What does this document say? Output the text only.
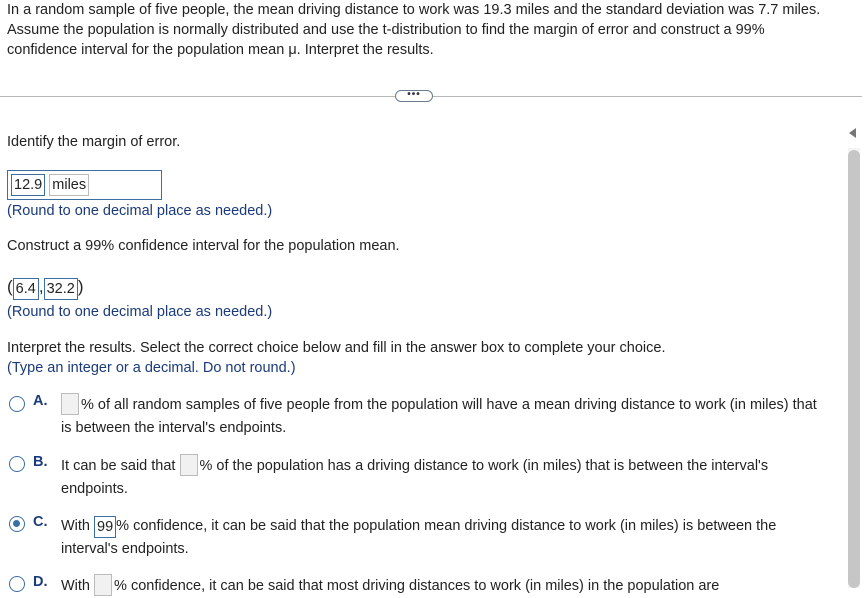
In a random sample of five people, the mean driving distance to work was 19.3 miles and the standard deviation was 7.7 miles. Assume the population is normally distributed and use the t-distribution to find the margin of error and construct a 99% confidence interval for the population mean μ. Interpret the results.
•••
Identify the margin of error.
12.9 miles
(Round to one decimal place as needed.)
Construct a 99% confidence interval for the population mean.
( 6.4 , 32.2 )
(Round to one decimal place as needed.)
Interpret the results. Select the correct choice below and fill in the answer box to complete your choice.
(Type an integer or a decimal. Do not round.)
A.	% of all random samples of five people from the population will have a mean driving distance to work (in miles) that is between the interval's endpoints.
B. It can be said that % of the population has a driving distance to work (in miles) that is between the interval's endpoints.
C. With 99 % confidence, it can be said that the population mean driving distance to work (in miles) is between the interval's endpoints.
D. With % confidence, it can be said that most driving distances to work (in miles) in the population are
